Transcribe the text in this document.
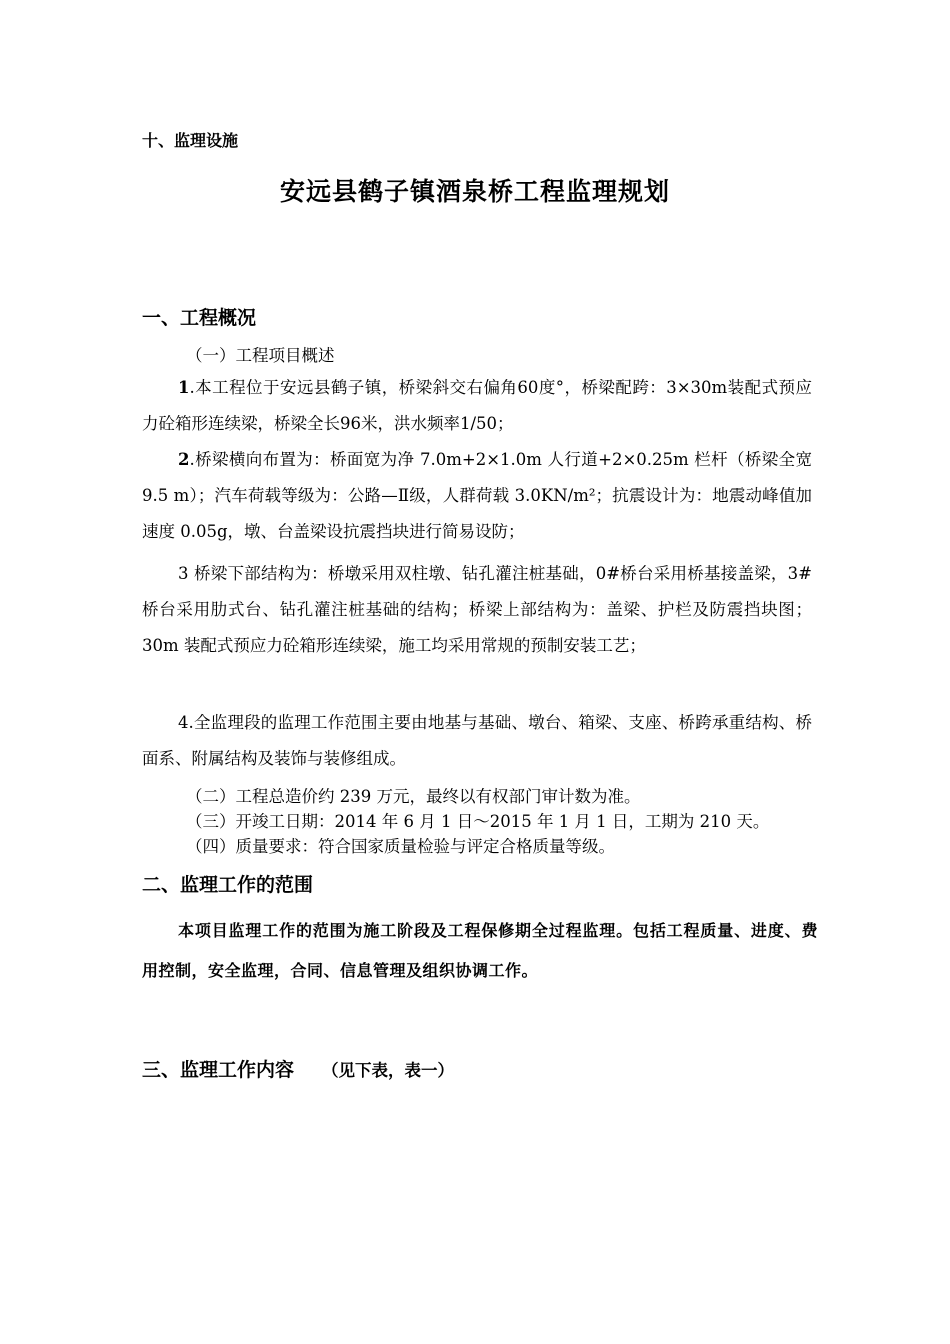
十、监理设施
安远县鹤子镇酒泉桥工程监理规划
一、工程概况
（一）工程项目概述
1.本工程位于安远县鹤子镇，桥梁斜交右偏角60度°，桥梁配跨：3×30m装配式预应力砼箱形连续梁，桥梁全长96米，洪水频率1/50；
2.桥梁横向布置为：桥面宽为净 7.0m+2×1.0m 人行道+2×0.25m 栏杆（桥梁全宽 9.5 m）；汽车荷载等级为：公路—Ⅱ级，人群荷载 3.0KN/m²；抗震设计为：地震动峰值加速度 0.05g，墩、台盖梁设抗震挡块进行简易设防；
3 桥梁下部结构为：桥墩采用双柱墩、钻孔灌注桩基础，0#桥台采用桥基接盖梁，3#桥台采用肋式台、钻孔灌注桩基础的结构；桥梁上部结构为：盖梁、护栏及防震挡块图；30m 装配式预应力砼箱形连续梁，施工均采用常规的预制安装工艺；
4.全监理段的监理工作范围主要由地基与基础、墩台、箱梁、支座、桥跨承重结构、桥面系、附属结构及装饰与装修组成。
（二）工程总造价约 239 万元，最终以有权部门审计数为准。
（三）开竣工日期：2014 年 6 月 1 日～2015 年 1 月 1 日，工期为 210 天。
（四）质量要求：符合国家质量检验与评定合格质量等级。
二、监理工作的范围
本项目监理工作的范围为施工阶段及工程保修期全过程监理。包括工程质量、进度、费用控制，安全监理，合同、信息管理及组织协调工作。
三、监理工作内容 （见下表，表一）
